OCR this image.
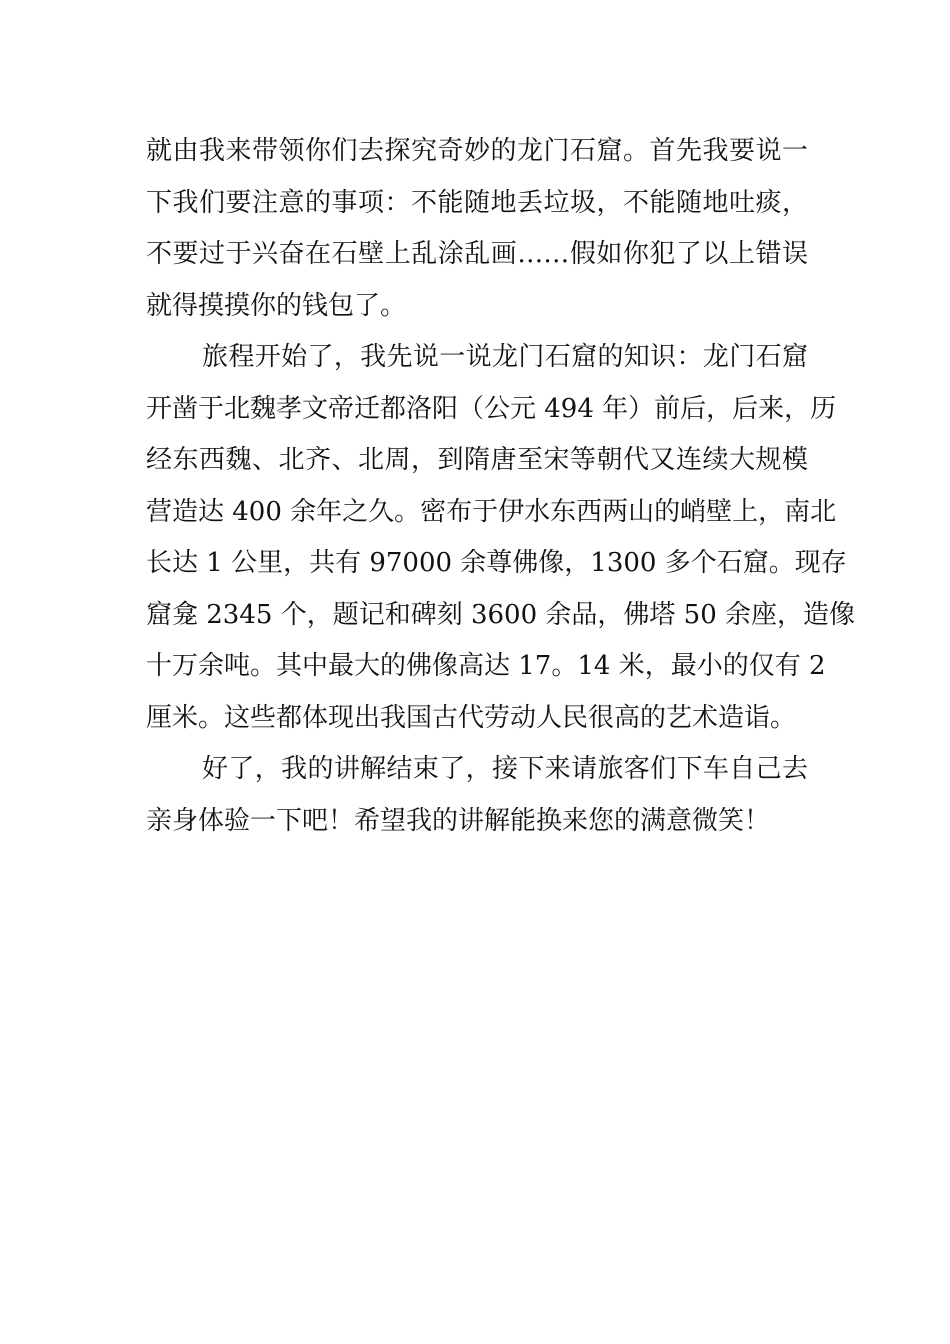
就由我来带领你们去探究奇妙的龙门石窟。首先我要说一
下我们要注意的事项：不能随地丢垃圾，不能随地吐痰，
不要过于兴奋在石壁上乱涂乱画……假如你犯了以上错误
就得摸摸你的钱包了。
旅程开始了，我先说一说龙门石窟的知识：龙门石窟
开凿于北魏孝文帝迁都洛阳（公元 494 年）前后，后来，历
经东西魏、北齐、北周，到隋唐至宋等朝代又连续大规模
营造达 400 余年之久。密布于伊水东西两山的峭壁上，南北
长达 1 公里，共有 97000 余尊佛像，1300 多个石窟。现存
窟龛 2345 个，题记和碑刻 3600 余品，佛塔 50 余座，造像
十万余吨。其中最大的佛像高达 17。14 米，最小的仅有 2
厘米。这些都体现出我国古代劳动人民很高的艺术造诣。
好了，我的讲解结束了，接下来请旅客们下车自己去
亲身体验一下吧！希望我的讲解能换来您的满意微笑！
